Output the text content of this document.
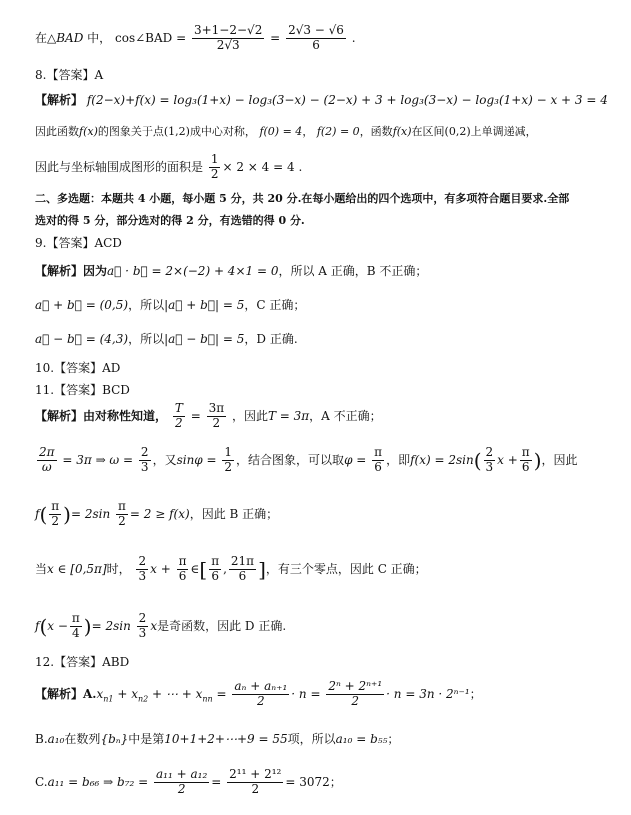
在△BAD 中， cos∠BAD = $\frac{3+1-2-√2}{2√3} = \frac{2√3 - √6}{6}$ .
8.【答案】A
【解析】 f(2−x)+f(x) = log₃(1+x) − log₃(3−x) − (2−x) + 3 + log₃(3−x) − log₃(1+x) − x + 3 = 4
因此函数f(x)的图象关于点(1,2)成中心对称， f(0) = 4， f(2) = 0，函数f(x)在区间(0,2)上单调递减，
因此与坐标轴围成图形的面积是 $\frac{1}{2} \times 2 \times 4 = 4$ .
二、多选题：本题共 4 小题，每小题 5 分，共 20 分.在每小题给出的四个选项中，有多项符合题目要求.全部
选对的得 5 分，部分选对的得 2 分，有选错的得 0 分.
9.【答案】ACD
【解析】因为a⃗ · b⃗ = 2×(−2) + 4×1 = 0，所以 A 正确，B 不正确；
a⃗ + b⃗ = (0,5)，所以|a⃗ + b⃗| = 5，C 正确；
a⃗ − b⃗ = (4,3)，所以|a⃗ − b⃗| = 5，D 正确.
10.【答案】AD
11.【答案】BCD
【解析】由对称性知道， $\frac{T}{2} = \frac{3\pi}{2}$ ，因此T = 3π，A 不正确；
$\frac{2\pi}{\omega} = 3\pi$ ⇒ $\omega = \frac{2}{3}$ ，又$\sin\varphi = \frac{1}{2}$ ，结合图象，可以取$\varphi = \frac{\pi}{6}$ ，即$f(x) = 2\sin( \frac{2}{3}$ $x + \frac{\pi}{6}$ )，因此
$f( \frac{\pi}{2}$ )= $2\sin \frac{\pi}{2} = 2 \ge f(x)$，因此 B 正确；
当x ∈ [0,5π]时， $\frac{2}{3}$ $x + \frac{\pi}{6}$ ∈[ $\frac{\pi}{6}$ , $\frac{21\pi}{6}$ ]，有三个零点，因此 C 正确；
$f(x - \frac{\pi}{4}$ )= $2\sin \frac{2}{3}$ x是奇函数，因此 D 正确.
12.【答案】ABD
【解析】$A.x_{n1} + x_{n2}$ + ⋯ + $x_{nn} = \frac{\text{aₙ + aₙ₊₁}}{2} \cdot n = \frac{\text{2ⁿ + 2ⁿ⁺¹}}{2} \cdot n = 3n \cdot 2^{n-1}$；
B.a₁₀在数列{bₙ}中是第10+1+2+⋯+9 = 55项，所以a₁₀ = b₅₅；
C.a₁₁ = b₆₆ ⇒ $b_{72} = \frac{\text{a₁₁ + a₁₂}}{2} = \frac{\text{2¹¹ + 2¹²}}{2} = 3072$；
